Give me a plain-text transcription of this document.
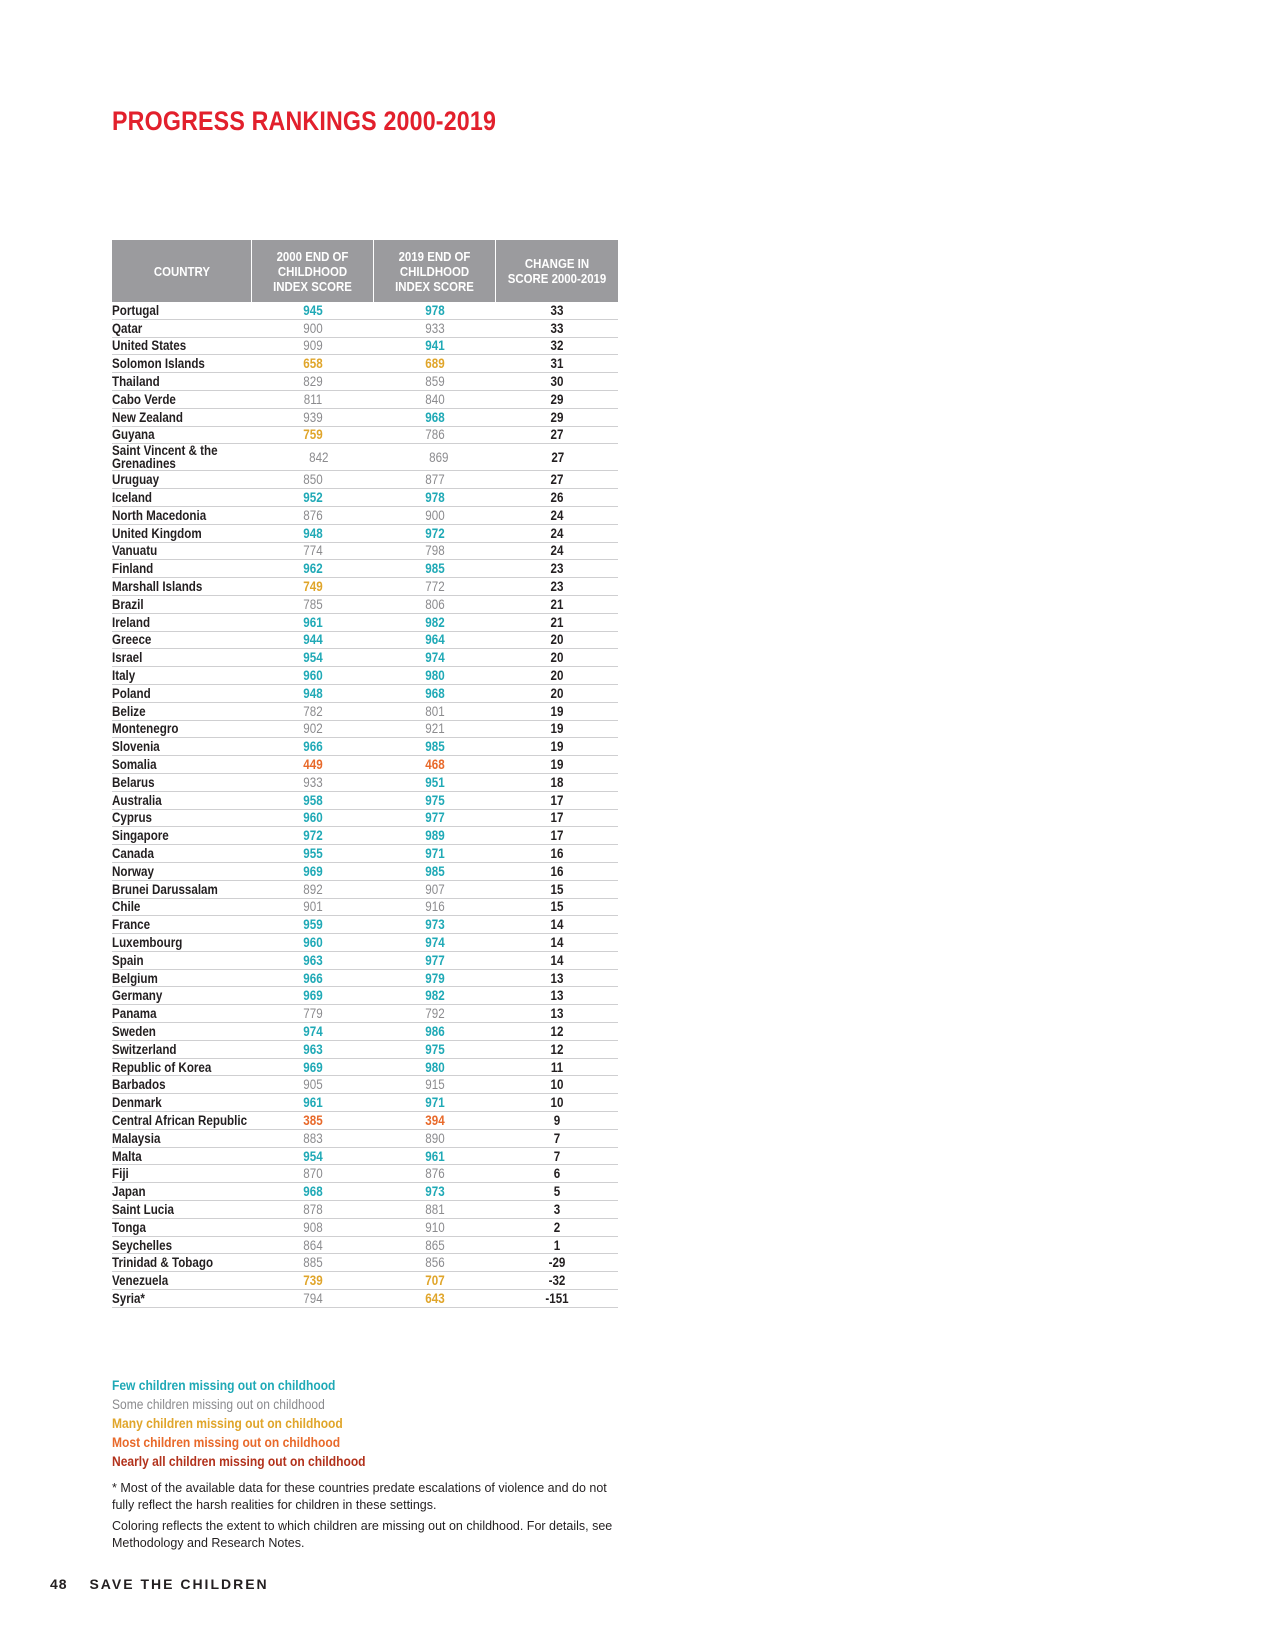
PROGRESS RANKINGS 2000-2019
COUNTRY
2000 END OF CHILDHOOD INDEX SCORE
2019 END OF CHILDHOOD INDEX SCORE
CHANGE IN SCORE 2000-2019
Portugal	945	978	33
Qatar	900	933	33
United States	909	941	32
Solomon Islands	658	689	31
Thailand	829	859	30
Cabo Verde	811	840	29
New Zealand	939	968	29
Guyana	759	786	27
Saint Vincent & the Grenadines	842	869	27
Uruguay	850	877	27
Iceland	952	978	26
North Macedonia	876	900	24
United Kingdom	948	972	24
Vanuatu	774	798	24
Finland	962	985	23
Marshall Islands	749	772	23
Brazil	785	806	21
Ireland	961	982	21
Greece	944	964	20
Israel	954	974	20
Italy	960	980	20
Poland	948	968	20
Belize	782	801	19
Montenegro	902	921	19
Slovenia	966	985	19
Somalia	449	468	19
Belarus	933	951	18
Australia	958	975	17
Cyprus	960	977	17
Singapore	972	989	17
Canada	955	971	16
Norway	969	985	16
Brunei Darussalam	892	907	15
Chile	901	916	15
France	959	973	14
Luxembourg	960	974	14
Spain	963	977	14
Belgium	966	979	13
Germany	969	982	13
Panama	779	792	13
Sweden	974	986	12
Switzerland	963	975	12
Republic of Korea	969	980	11
Barbados	905	915	10
Denmark	961	971	10
Central African Republic	385	394	9
Malaysia	883	890	7
Malta	954	961	7
Fiji	870	876	6
Japan	968	973	5
Saint Lucia	878	881	3
Tonga	908	910	2
Seychelles	864	865	1
Trinidad & Tobago	885	856	-29
Venezuela	739	707	-32
Syria*	794	643	-151
Few children missing out on childhood
Some children missing out on childhood
Many children missing out on childhood
Most children missing out on childhood
Nearly all children missing out on childhood

* Most of the available data for these countries predate escalations of violence and do not fully reflect the harsh realities for children in these settings.

Coloring reflects the extent to which children are missing out on childhood. For details, see Methodology and Research Notes.

48 SAVE THE CHILDREN
